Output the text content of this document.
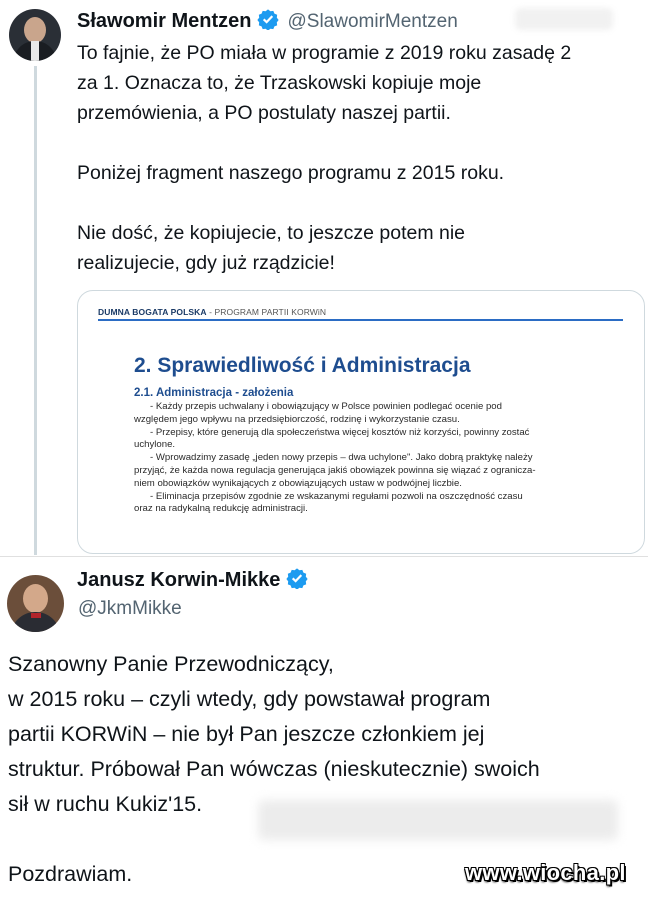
Sławomir Mentzen @SlawomirMentzen

To fajnie, że PO miała w programie z 2019 roku zasadę 2
za 1. Oznacza to, że Trzaskowski kopiuje moje
przemówienia, a PO postulaty naszej partii.

Poniżej fragment naszego programu z 2015 roku.

Nie dość, że kopiujecie, to jeszcze potem nie
realizujecie, gdy już rządzicie!

DUMNA BOGATA POLSKA - PROGRAM PARTII KORWiN
2. Sprawiedliwość i Administracja
2.1. Administracja - założenia
- Każdy przepis uchwalany i obowiązujący w Polsce powinien podlegać ocenie pod
względem jego wpływu na przedsiębiorczość, rodzinę i wykorzystanie czasu.
- Przepisy, które generują dla społeczeństwa więcej kosztów niż korzyści, powinny zostać
uchylone.
- Wprowadzimy zasadę „jeden nowy przepis – dwa uchylone". Jako dobrą praktykę należy
przyjąć, że każda nowa regulacja generująca jakiś obowiązek powinna się wiązać z ogranicza-
niem obowiązków wynikających z obowiązujących ustaw w podwójnej liczbie.
- Eliminacja przepisów zgodnie ze wskazanymi regułami pozwoli na oszczędność czasu
oraz na radykalną redukcję administracji.
Janusz Korwin-Mikke
@JkmMikke

Szanowny Panie Przewodniczący,
w 2015 roku – czyli wtedy, gdy powstawał program
partii KORWiN – nie był Pan jeszcze członkiem jej
struktur. Próbował Pan wówczas (nieskutecznie) swoich
sił w ruchu Kukiz'15.

Pozdrawiam.	www.wiocha.pl
